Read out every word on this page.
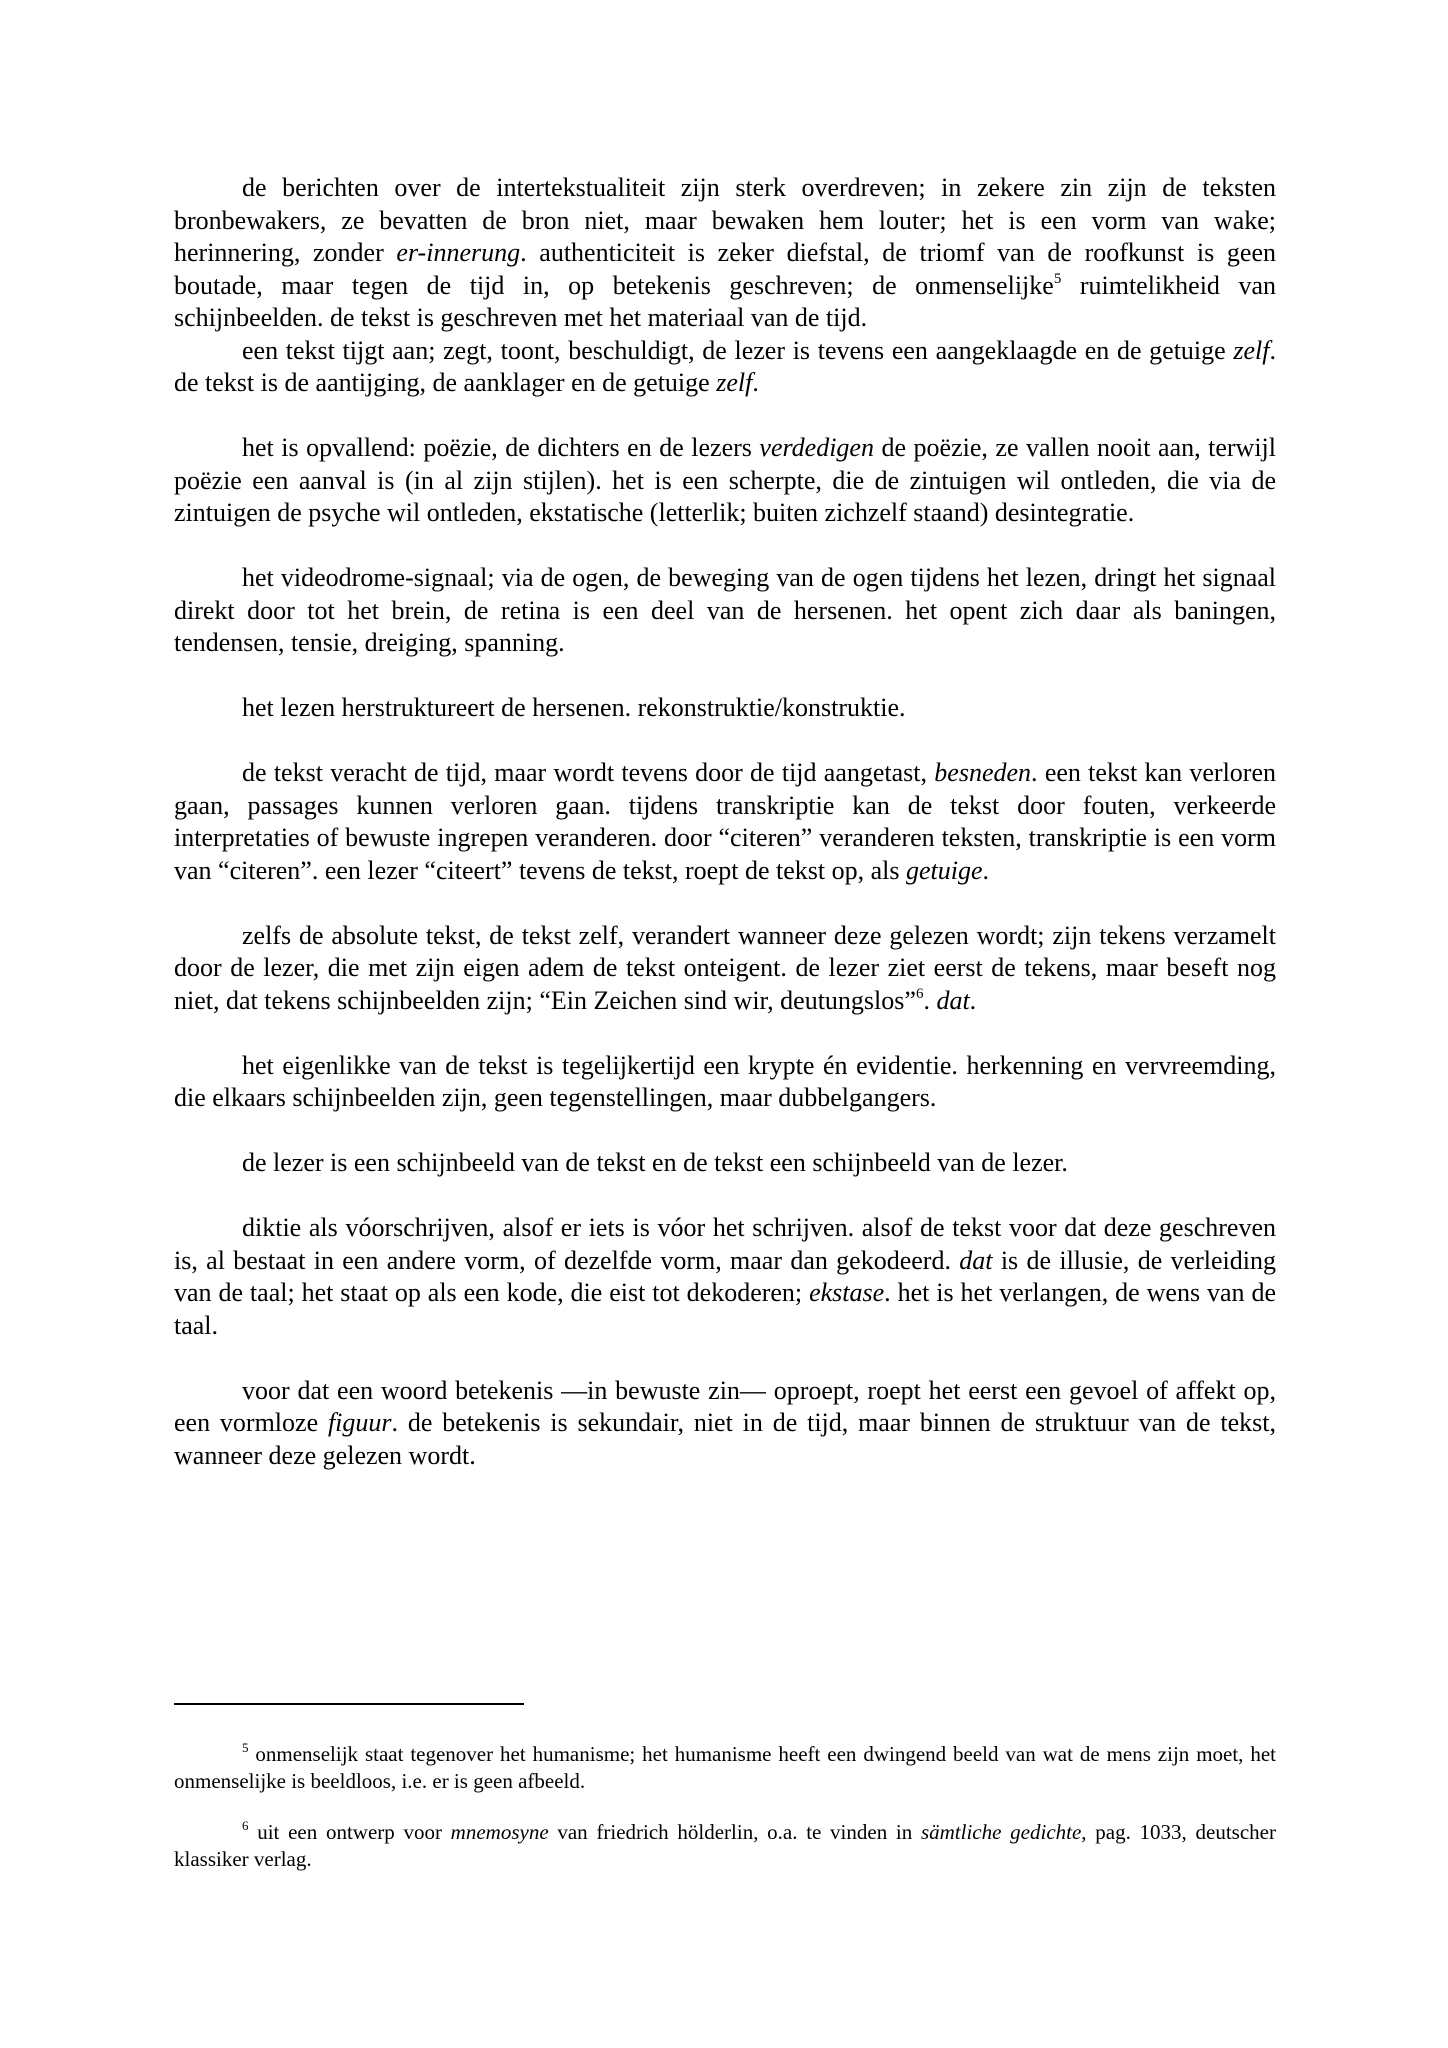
de berichten over de intertekstualiteit zijn sterk overdreven; in zekere zin zijn de teksten bronbewakers, ze bevatten de bron niet, maar bewaken hem louter; het is een vorm van wake; herinnering, zonder er-innerung. authenticiteit is zeker diefstal, de triomf van de roofkunst is geen boutade, maar tegen de tijd in, op betekenis geschreven; de onmenselijke$^5$ ruimtelikheid van schijnbeelden. de tekst is geschreven met het materiaal van de tijd.

een tekst tijgt aan; zegt, toont, beschuldigt, de lezer is tevens een aangeklaagde en de getuige zelf. de tekst is de aantijging, de aanklager en de getuige zelf.

het is opvallend: poëzie, de dichters en de lezers verdedigen de poëzie, ze vallen nooit aan, terwijl poëzie een aanval is (in al zijn stijlen). het is een scherpte, die de zintuigen wil ontleden, die via de zintuigen de psyche wil ontleden, ekstatische (letterlik; buiten zichzelf staand) desintegratie.

het videodrome-signaal; via de ogen, de beweging van de ogen tijdens het lezen, dringt het signaal direkt door tot het brein, de retina is een deel van de hersenen. het opent zich daar als baningen, tendensen, tensie, dreiging, spanning.

het lezen herstruktureert de hersenen. rekonstruktie/konstruktie.

de tekst veracht de tijd, maar wordt tevens door de tijd aangetast, besneden. een tekst kan verloren gaan, passages kunnen verloren gaan. tijdens transkriptie kan de tekst door fouten, verkeerde interpretaties of bewuste ingrepen veranderen. door “citeren” veranderen teksten, transkriptie is een vorm van “citeren”. een lezer “citeert” tevens de tekst, roept de tekst op, als getuige.

zelfs de absolute tekst, de tekst zelf, verandert wanneer deze gelezen wordt; zijn tekens verzamelt door de lezer, die met zijn eigen adem de tekst onteigent. de lezer ziet eerst de tekens, maar beseft nog niet, dat tekens schijnbeelden zijn; “Ein Zeichen sind wir, deutungslos”$^6$. dat.

het eigenlikke van de tekst is tegelijkertijd een krypte én evidentie. herkenning en vervreemding, die elkaars schijnbeelden zijn, geen tegenstellingen, maar dubbelgangers.

de lezer is een schijnbeeld van de tekst en de tekst een schijnbeeld van de lezer.

diktie als vóorschrijven, alsof er iets is vóor het schrijven. alsof de tekst voor dat deze geschreven is, al bestaat in een andere vorm, of dezelfde vorm, maar dan gekodeerd. dat is de illusie, de verleiding van de taal; het staat op als een kode, die eist tot dekoderen; ekstase. het is het verlangen, de wens van de taal.

voor dat een woord betekenis —in bewuste zin— oproept, roept het eerst een gevoel of affekt op, een vormloze figuur. de betekenis is sekundair, niet in de tijd, maar binnen de struktuur van de tekst, wanneer deze gelezen wordt.

$^5$ onmenselijk staat tegenover het humanisme; het humanisme heeft een dwingend beeld van wat de mens zijn moet, het onmenselijke is beeldloos, i.e. er is geen afbeeld.

$^6$ uit een ontwerp voor mnemosyne van friedrich hölderlin, o.a. te vinden in sämtliche gedichte, pag. 1033, deutscher klassiker verlag.
